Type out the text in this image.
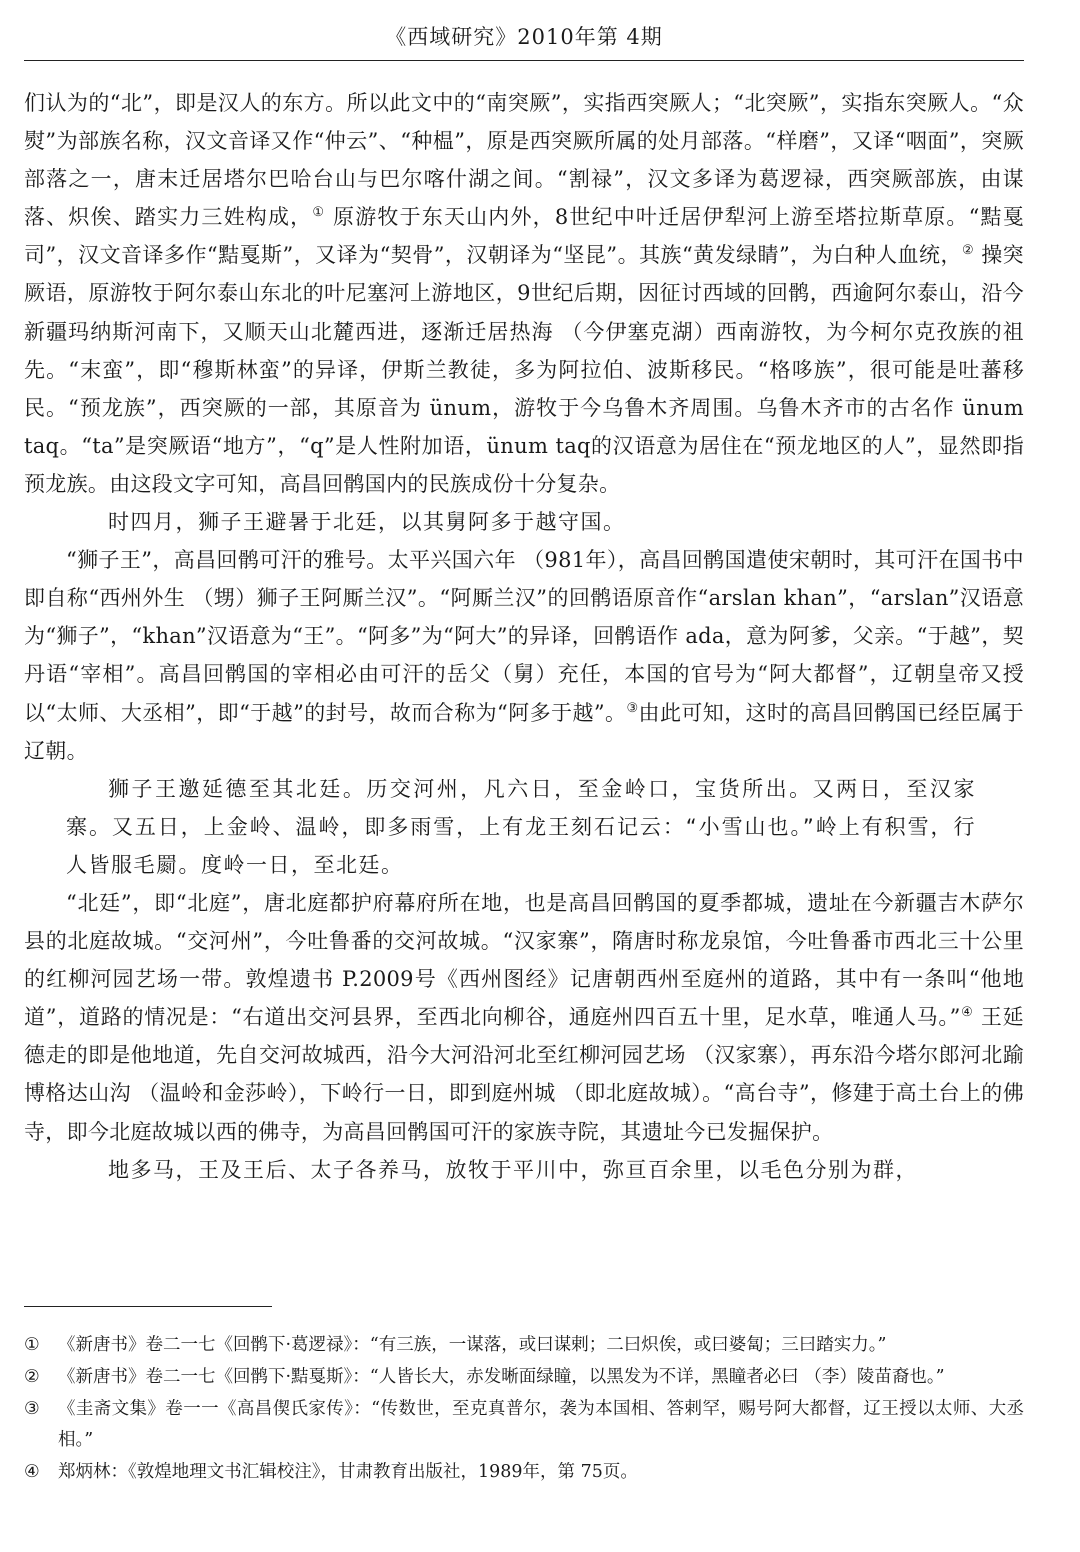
《西域研究》2010年第 4期

们认为的“北”，即是汉人的东方。所以此文中的“南突厥”，实指西突厥人；“北突厥”，实指东突厥人。“众熨”为部族名称，汉文音译又作“仲云”、“种榅”，原是西突厥所属的处月部落。“样磨”，又译“咽面”，突厥部落之一，唐末迁居塔尔巴哈台山与巴尔喀什湖之间。“割禄”，汉文多译为葛逻禄，西突厥部族，由谋落、炽俟、踏实力三姓构成，① 原游牧于东天山内外，8世纪中叶迁居伊犁河上游至塔拉斯草原。“黠戛司”，汉文音译多作“黠戛斯”，又译为“契骨”，汉朝译为“坚昆”。其族“黄发绿睛”，为白种人血统，② 操突厥语，原游牧于阿尔泰山东北的叶尼塞河上游地区，9世纪后期，因征讨西域的回鹘，西逾阿尔泰山，沿今新疆玛纳斯河南下，又顺天山北麓西进，逐渐迁居热海 （今伊塞克湖）西南游牧，为今柯尔克孜族的祖先。“末蛮”，即“穆斯林蛮”的异译，伊斯兰教徒，多为阿拉伯、波斯移民。“格哆族”，很可能是吐蕃移民。“预龙族”，西突厥的一部，其原音为 ünum，游牧于今乌鲁木齐周围。乌鲁木齐市的古名作 ünum taq。“ta”是突厥语“地方”，“q”是人性附加语，ünum taq的汉语意为居住在“预龙地区的人”，显然即指预龙族。由这段文字可知，高昌回鹘国内的民族成份十分复杂。

时四月，狮子王避暑于北廷，以其舅阿多于越守国。

“狮子王”，高昌回鹘可汗的雅号。太平兴国六年 （981年），高昌回鹘国遣使宋朝时，其可汗在国书中即自称“西州外生 （甥）狮子王阿厮兰汉”。“阿厮兰汉”的回鹘语原音作“arslan khan”，“arslan”汉语意为“狮子”，“khan”汉语意为“王”。“阿多”为“阿大”的异译，回鹘语作 ada，意为阿爹，父亲。“于越”，契丹语“宰相”。高昌回鹘国的宰相必由可汗的岳父（舅）充任，本国的官号为“阿大都督”，辽朝皇帝又授以“太师、大丞相”，即“于越”的封号，故而合称为“阿多于越”。③由此可知，这时的高昌回鹘国已经臣属于辽朝。

狮子王邀延德至其北廷。历交河州，凡六日，至金岭口，宝货所出。又两日，至汉家寨。又五日，上金岭、温岭，即多雨雪，上有龙王刻石记云：“小雪山也。”岭上有积雪，行人皆服毛罽。度岭一日，至北廷。

“北廷”，即“北庭”，唐北庭都护府幕府所在地，也是高昌回鹘国的夏季都城，遗址在今新疆吉木萨尔县的北庭故城。“交河州”，今吐鲁番的交河故城。“汉家寨”，隋唐时称龙泉馆，今吐鲁番市西北三十公里的红柳河园艺场一带。敦煌遗书 P.2009号《西州图经》记唐朝西州至庭州的道路，其中有一条叫“他地道”，道路的情况是：“右道出交河县界，至西北向柳谷，通庭州四百五十里，足水草，唯通人马。”④ 王延德走的即是他地道，先自交河故城西，沿今大河沿河北至红柳河园艺场 （汉家寨），再东沿今塔尔郎河北踰博格达山沟 （温岭和金莎岭），下岭行一日，即到庭州城 （即北庭故城）。“高台寺”，修建于高土台上的佛寺，即今北庭故城以西的佛寺，为高昌回鹘国可汗的家族寺院，其遗址今已发掘保护。

地多马，王及王后、太子各养马，放牧于平川中，弥亘百余里，以毛色分别为群，

① 《新唐书》卷二一七《回鹘下·葛逻禄》：“有三族，一谋落，或曰谋剌；二曰炽俟，或曰婆匐；三曰踏实力。”
② 《新唐书》卷二一七《回鹘下·黠戛斯》：“人皆长大，赤发晰面绿瞳，以黑发为不详，黑瞳者必曰 （李）陵苗裔也。”
③ 《圭斋文集》卷一一《高昌偰氏家传》：“传数世，至克真普尔，袭为本国相、答剌罕，赐号阿大都督，辽王授以太师、大丞相。”
④ 郑炳林：《敦煌地理文书汇辑校注》，甘肃教育出版社，1989年，第 75页。
